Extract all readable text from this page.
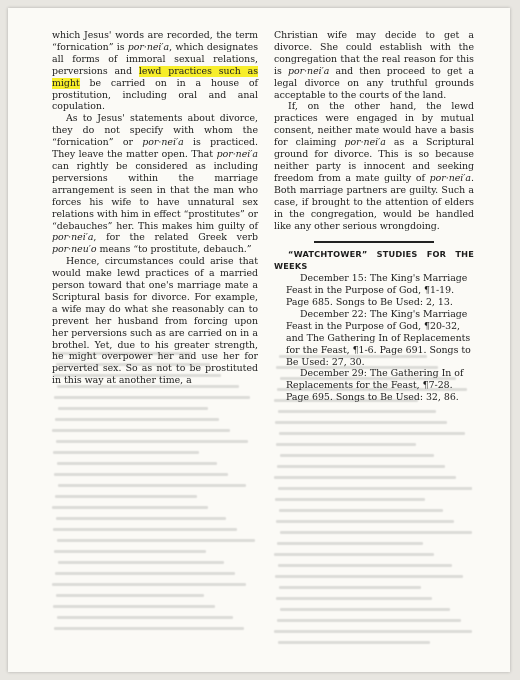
which Jesus' words are recorded, the term “fornication” is por·nei′a, which designates all forms of immoral sexual relations, perversions and lewd practices such as might be carried on in a house of prostitution, including oral and anal copulation.

As to Jesus' statements about divorce, they do not specify with whom the “fornication” or por·nei′a is practiced. They leave the matter open. That por·nei′a can rightly be considered as including perversions within the marriage arrangement is seen in that the man who forces his wife to have unnatural sex relations with him in effect “prostitutes” or “debauches” her. This makes him guilty of por·nei′a, for the related Greek verb por·neu′o means “to prostitute, debauch.”

Hence, circumstances could arise that would make lewd practices of a married person toward that one's marriage mate a Scriptural basis for divorce. For example, a wife may do what she reasonably can to prevent her husband from forcing upon her perversions such as are carried on in a brothel. Yet, due to his greater strength, he might overpower her and use her for perverted sex. So as not to be prostituted in this way at another time, a

Christian wife may decide to get a divorce. She could establish with the congregation that the real reason for this is por·nei′a and then proceed to get a legal divorce on any truthful grounds acceptable to the courts of the land.

If, on the other hand, the lewd practices were engaged in by mutual consent, neither mate would have a basis for claiming por·nei′a as a Scriptural ground for divorce. This is so because neither party is innocent and seeking freedom from a mate guilty of por·nei′a. Both marriage partners are guilty. Such a case, if brought to the attention of elders in the congregation, would be handled like any other serious wrongdoing.

“WATCHTOWER” STUDIES FOR THE WEEKS

December 15: The King's Marriage Feast in the Purpose of God, ¶1-19. Page 685. Songs to Be Used: 2, 13.

December 22: The King's Marriage Feast in the Purpose of God, ¶20-32, and The Gathering In of Replacements for the Feast, ¶1-6. Page 691. Songs to Be Used: 27, 30.

December 29: The Gathering In of Replacements for the Feast, ¶7-28. Page 695. Songs to Be Used: 32, 86.
